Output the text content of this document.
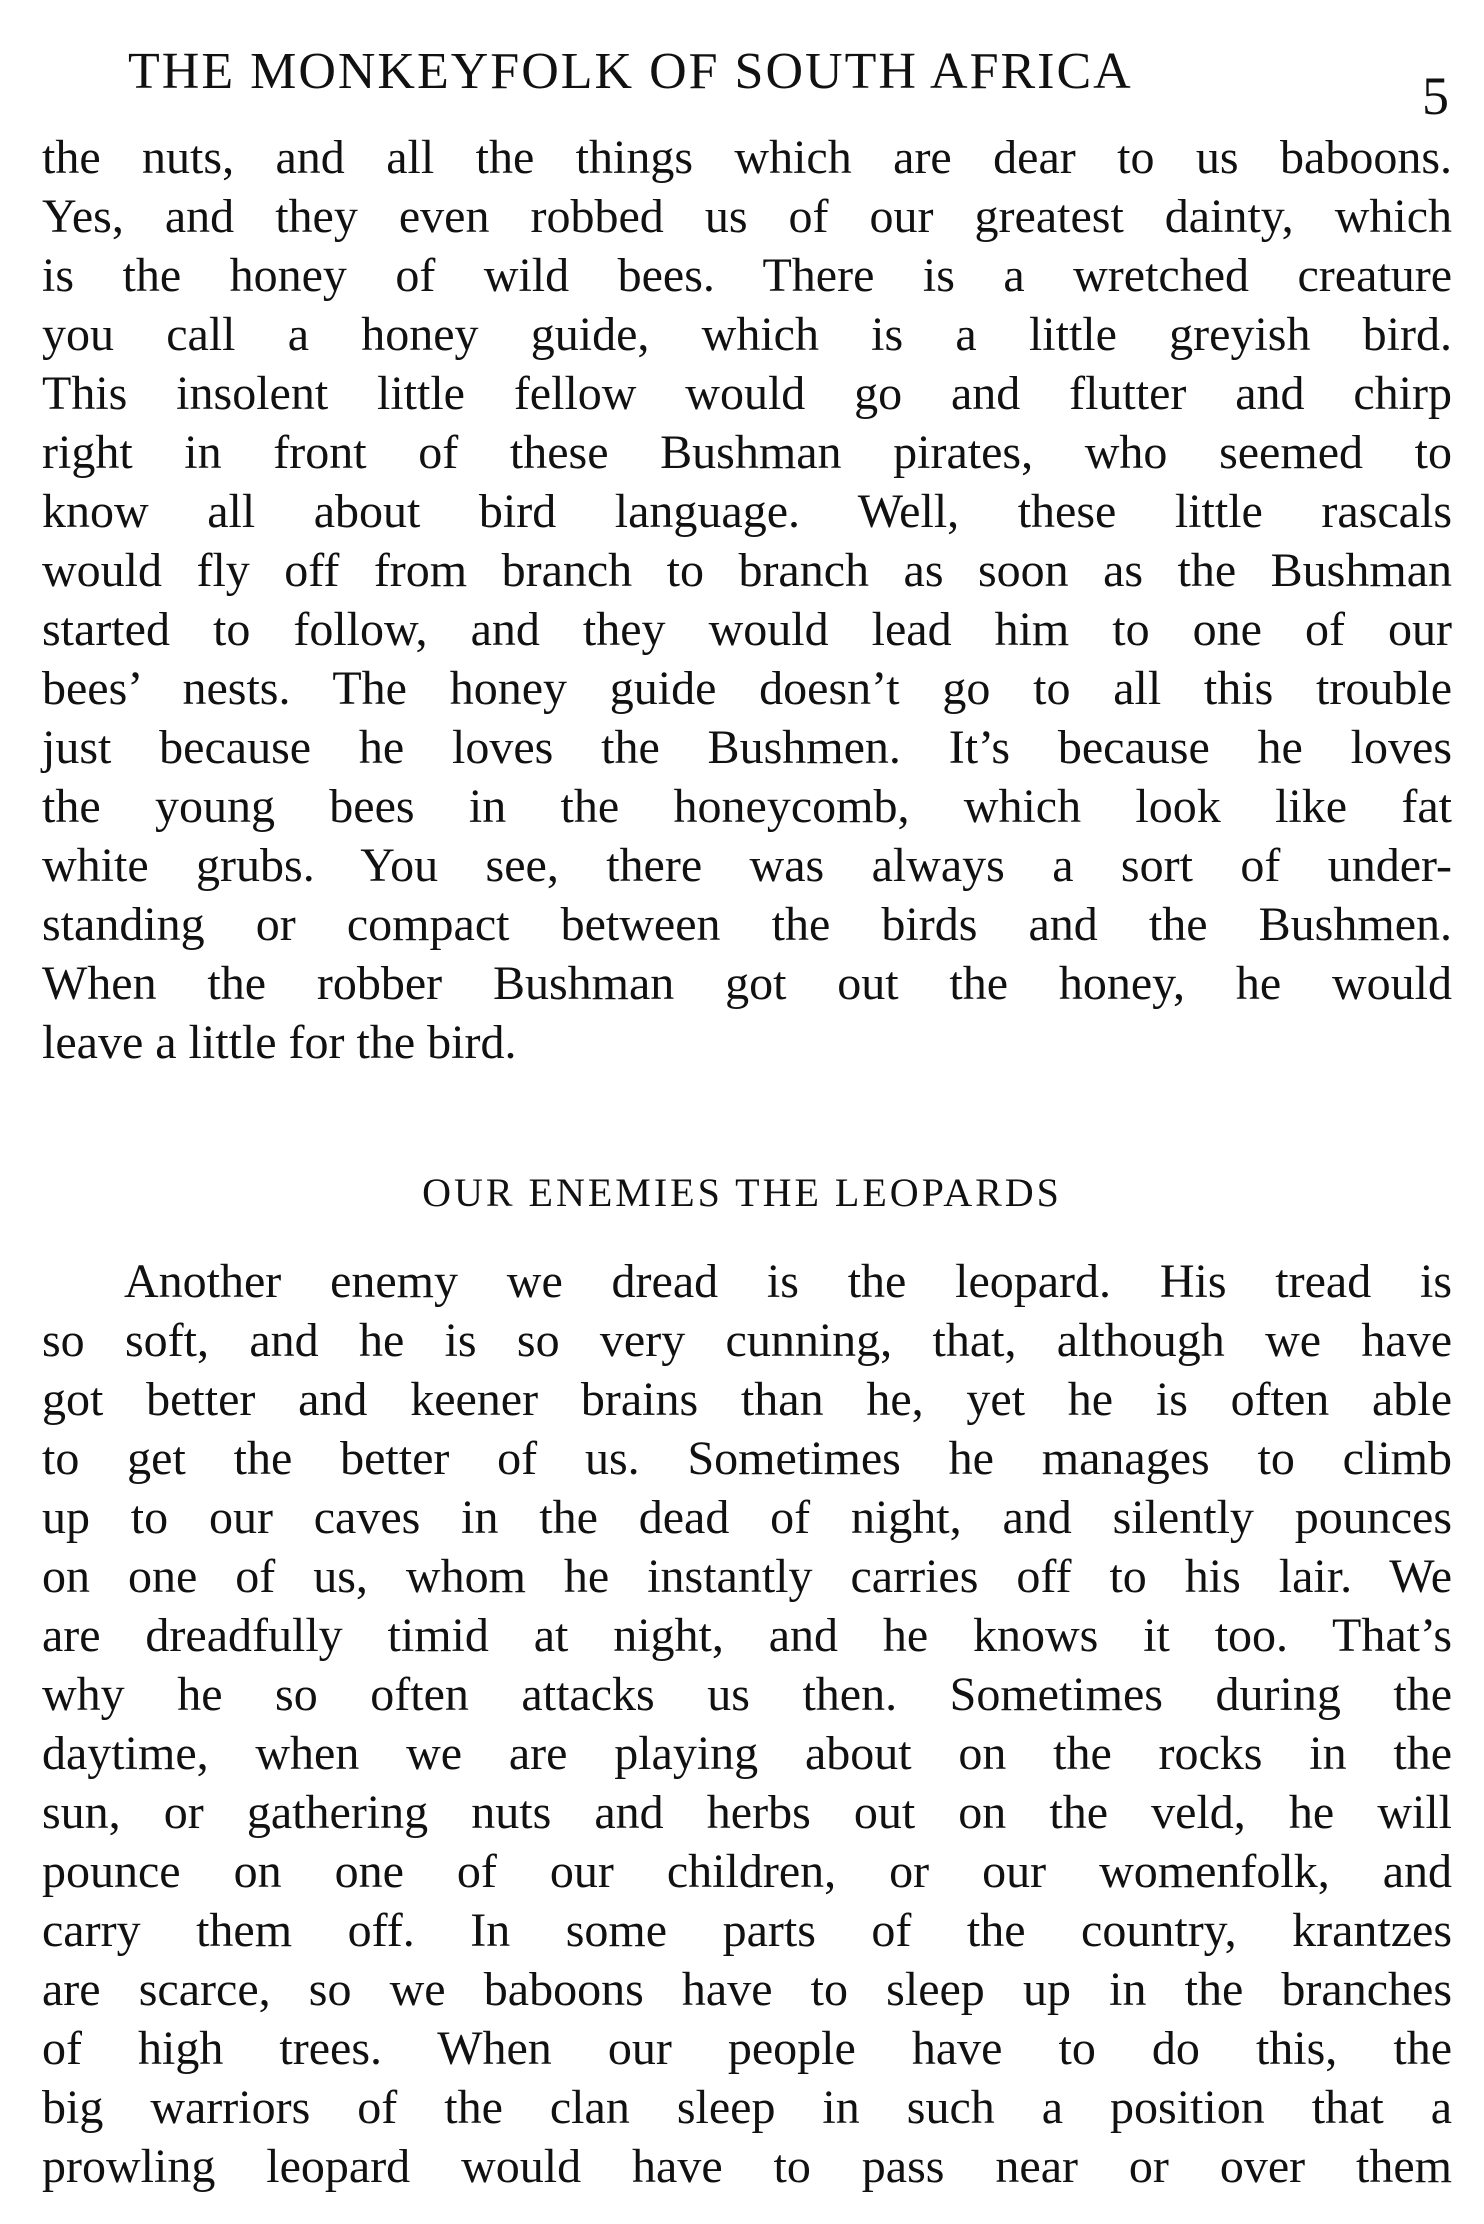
THE MONKEYFOLK OF SOUTH AFRICA	5
the nuts, and all the things which are dear to us baboons.
Yes, and they even robbed us of our greatest dainty, which
is the honey of wild bees. There is a wretched creature
you call a honey guide, which is a little greyish bird.
This insolent little fellow would go and flutter and chirp
right in front of these Bushman pirates, who seemed to
know all about bird language. Well, these little rascals
would fly off from branch to branch as soon as the Bushman
started to follow, and they would lead him to one of our
bees’ nests. The honey guide doesn’t go to all this trouble
just because he loves the Bushmen. It’s because he loves
the young bees in the honeycomb, which look like fat
white grubs. You see, there was always a sort of under-
standing or compact between the birds and the Bushmen.
When the robber Bushman got out the honey, he would
leave a little for the bird.
OUR ENEMIES THE LEOPARDS
Another enemy we dread is the leopard. His tread is
so soft, and he is so very cunning, that, although we have
got better and keener brains than he, yet he is often able
to get the better of us. Sometimes he manages to climb
up to our caves in the dead of night, and silently pounces
on one of us, whom he instantly carries off to his lair. We
are dreadfully timid at night, and he knows it too. That’s
why he so often attacks us then. Sometimes during the
daytime, when we are playing about on the rocks in the
sun, or gathering nuts and herbs out on the veld, he will
pounce on one of our children, or our womenfolk, and
carry them off. In some parts of the country, krantzes
are scarce, so we baboons have to sleep up in the branches
of high trees. When our people have to do this, the
big warriors of the clan sleep in such a position that a
prowling leopard would have to pass near or over them
